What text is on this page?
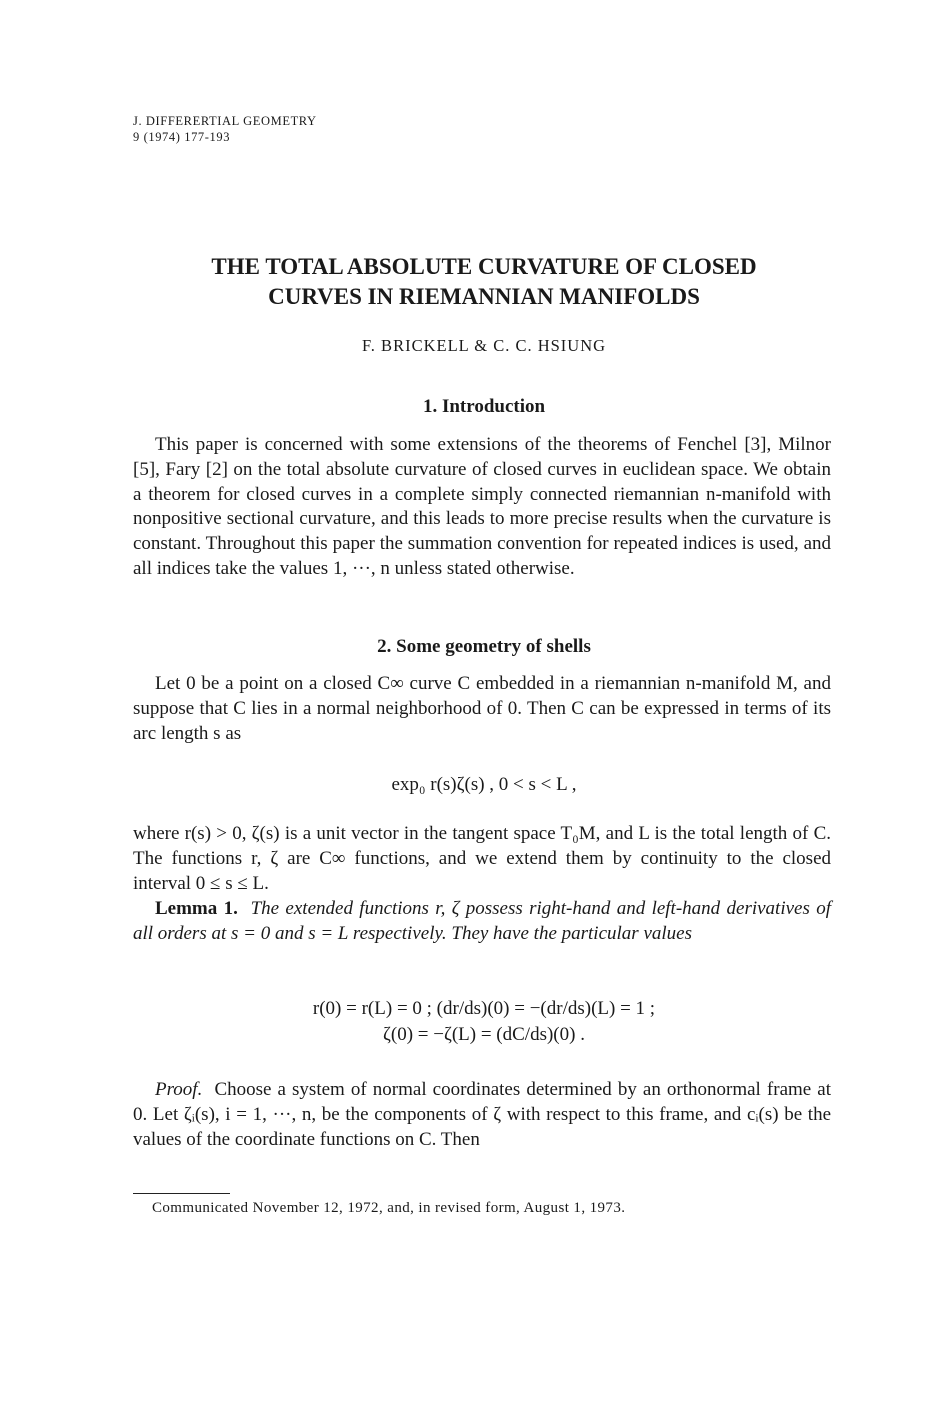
J. DIFFERERTIAL GEOMETRY
9 (1974) 177-193
THE TOTAL ABSOLUTE CURVATURE OF CLOSED
CURVES IN RIEMANNIAN MANIFOLDS
F. BRICKELL & C. C. HSIUNG
1. Introduction

This paper is concerned with some extensions of the theorems of Fenchel [3], Milnor [5], Fary [2] on the total absolute curvature of closed curves in euclidean space. We obtain a theorem for closed curves in a complete simply connected riemannian n-manifold with nonpositive sectional curvature, and this leads to more precise results when the curvature is constant. Throughout this paper the summation convention for repeated indices is used, and all indices take the values 1, ···, n unless stated otherwise.

2. Some geometry of shells

Let 0 be a point on a closed C∞ curve C embedded in a riemannian n-manifold M, and suppose that C lies in a normal neighborhood of 0. Then C can be expressed in terms of its arc length s as

exp₀ r(s)ζ(s) , 0 < s < L ,

where r(s) > 0, ζ(s) is a unit vector in the tangent space T₀M, and L is the total length of C. The functions r, ζ are C∞ functions, and we extend them by continuity to the closed interval 0 ≤ s ≤ L.

Lemma 1. The extended functions r, ζ possess right-hand and left-hand derivatives of all orders at s = 0 and s = L respectively. They have the particular values

r(0) = r(L) = 0 ; (dr/ds)(0) = −(dr/ds)(L) = 1 ;
ζ(0) = −ζ(L) = (dC/ds)(0) .

Proof. Choose a system of normal coordinates determined by an orthonormal frame at 0. Let ζᵢ(s), i = 1, ···, n, be the components of ζ with respect to this frame, and cᵢ(s) be the values of the coordinate functions on C. Then

Communicated November 12, 1972, and, in revised form, August 1, 1973.
